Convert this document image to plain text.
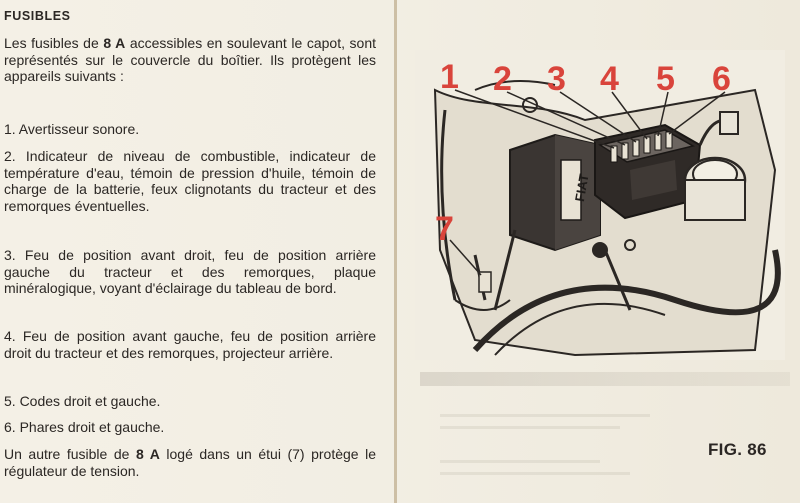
FUSIBLES
Les fusibles de 8 A accessibles en soulevant le capot, sont représentés sur le couvercle du boîtier. Ils protègent les appareils suivants :
1. Avertisseur sonore.
2. Indicateur de niveau de combustible, indicateur de température d'eau, témoin de pression d'huile, témoin de charge de la batterie, feux clignotants du tracteur et des remorques éventuelles.
3. Feu de position avant droit, feu de position arrière gauche du tracteur et des remorques, plaque minéralogique, voyant d'éclairage du tableau de bord.
4. Feu de position avant gauche, feu de position arrière droit du tracteur et des remorques, projecteur arrière.
5. Codes droit et gauche.
6. Phares droit et gauche.
Un autre fusible de 8 A logé dans un étui (7) protège le régulateur de tension.
FIAT
1 2 3 4 5 6
7
FIG. 86
